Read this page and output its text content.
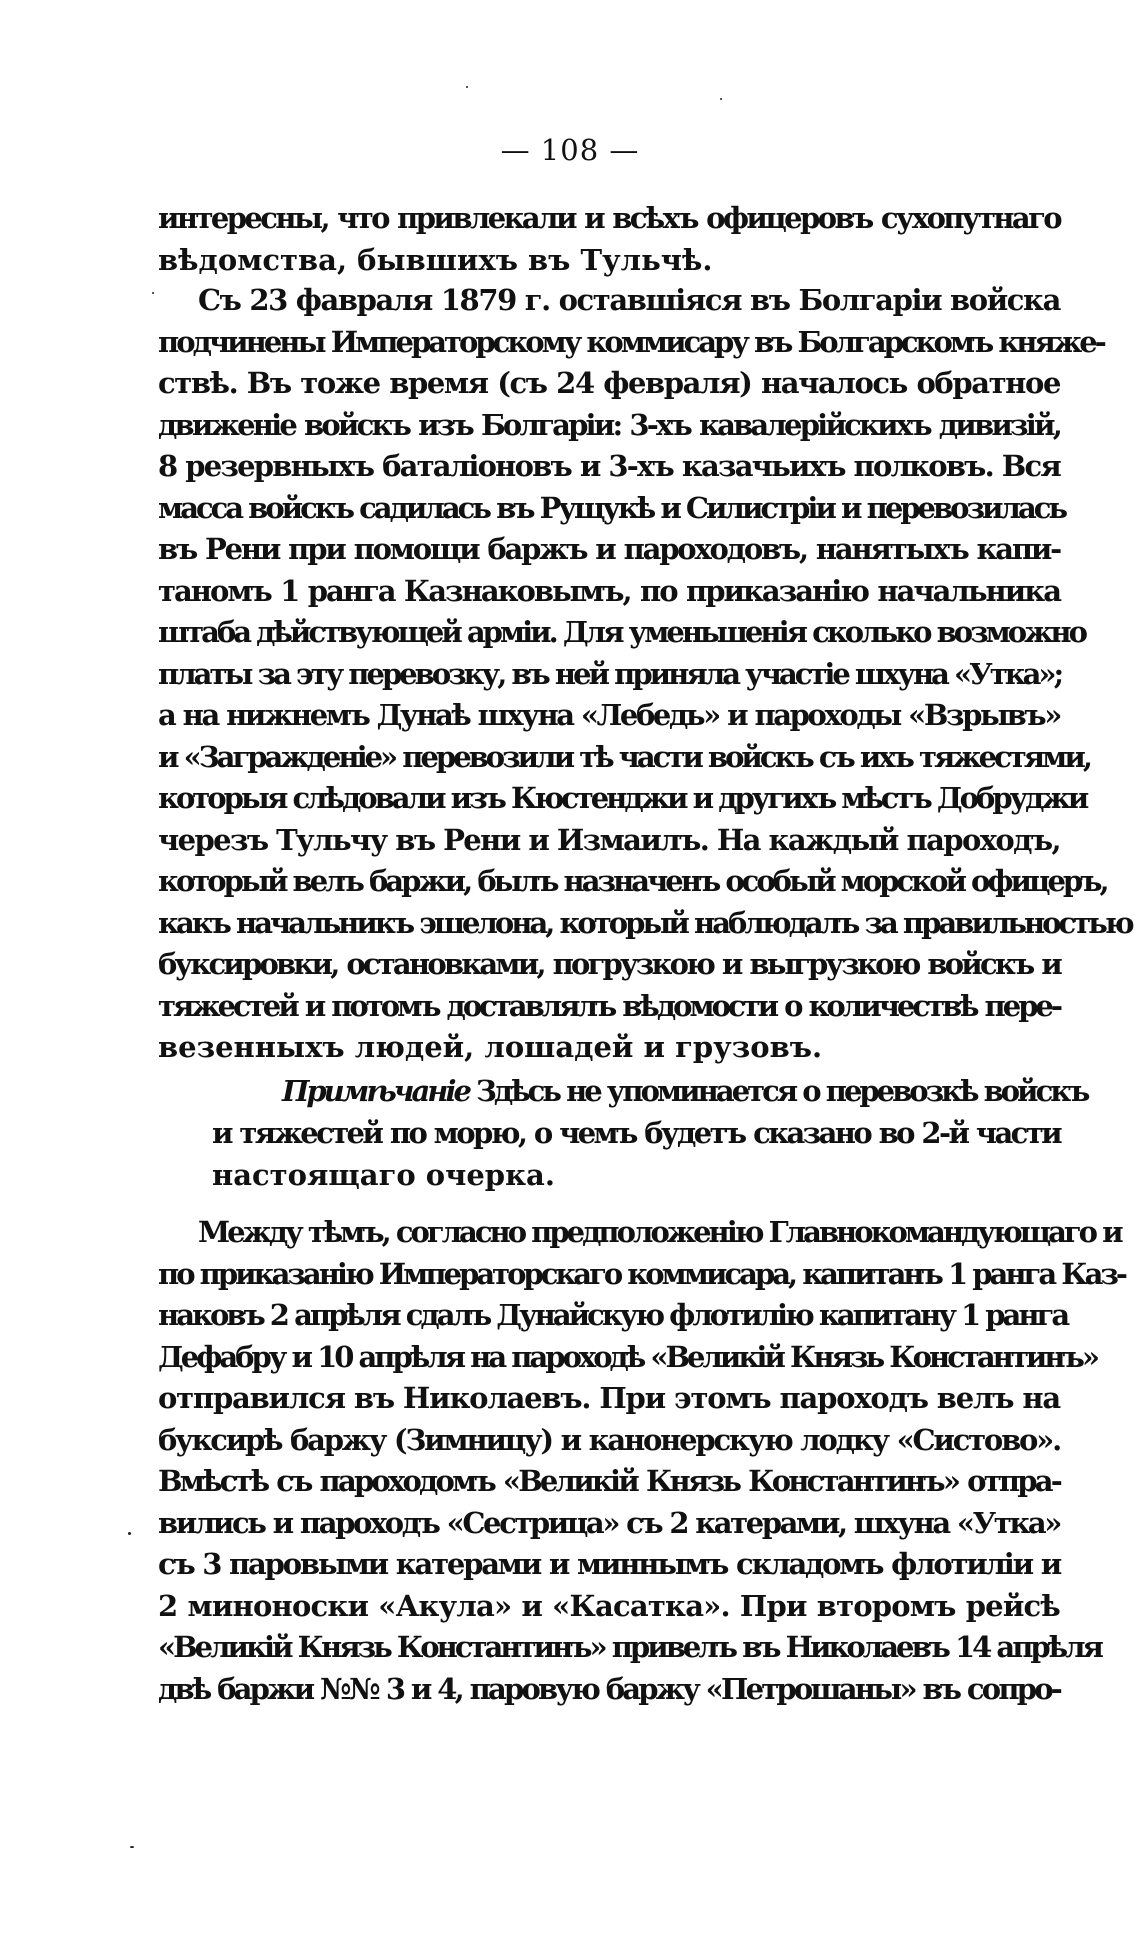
— 108 —
интересны, что привлекали и всѣхъ офицеровъ сухопутнаго
вѣдомства, бывшихъ въ Тульчѣ.
Съ 23 фавраля 1879 г. оставшіяся въ Болгаріи войска
подчинены Императорскому коммисару въ Болгарскомъ княже-
ствѣ. Въ тоже время (съ 24 февраля) началось обратное
движеніе войскъ изъ Болгаріи: 3-хъ кавалерійскихъ дивизій,
8 резервныхъ баталіоновъ и 3-хъ казачьихъ полковъ. Вся
масса войскъ садилась въ Рущукѣ и Силистріи и перевозилась
въ Рени при помощи баржъ и пароходовъ, нанятыхъ капи-
таномъ 1 ранга Казнаковымъ, по приказанію начальника
штаба дѣйствующей арміи. Для уменьшенія сколько возможно
платы за эту перевозку, въ ней приняла участіе шхуна «Утка»;
а на нижнемъ Дунаѣ шхуна «Лебедь» и пароходы «Взрывъ»
и «Загражденіе» перевозили тѣ части войскъ съ ихъ тяжестями,
которыя слѣдовали изъ Кюстенджи и другихъ мѣстъ Добруджи
черезъ Тульчу въ Рени и Измаилъ. На каждый пароходъ,
который велъ баржи, былъ назначенъ особый морской офицеръ,
какъ начальникъ эшелона, который наблюдалъ за правильностью
буксировки, остановками, погрузкою и выгрузкою войскъ и
тяжестей и потомъ доставлялъ вѣдомости о количествѣ пере-
везенныхъ людей, лошадей и грузовъ.
Примѣчаніе Здѣсь не упоминается о перевозкѣ войскъ
и тяжестей по морю, о чемъ будетъ сказано во 2-й части
настоящаго очерка.
Между тѣмъ, согласно предположенію Главнокомандующаго и
по приказанію Императорскаго коммисара, капитанъ 1 ранга Каз-
наковъ 2 апрѣля сдалъ Дунайскую флотилію капитану 1 ранга
Дефабру и 10 апрѣля на пароходѣ «Великій Князь Константинъ»
отправился въ Николаевъ. При этомъ пароходъ велъ на
буксирѣ баржу (Зимницу) и канонерскую лодку «Систово».
Вмѣстѣ съ пароходомъ «Великій Князь Константинъ» отпра-
вились и пароходъ «Сестрица» съ 2 катерами, шхуна «Утка»
съ 3 паровыми катерами и миннымъ складомъ флотиліи и
2 миноноски «Акула» и «Касатка». При второмъ рейсѣ
«Великій Князь Константинъ» привелъ въ Николаевъ 14 апрѣля
двѣ баржи №№ 3 и 4, паровую баржу «Петрошаны» въ сопро-
